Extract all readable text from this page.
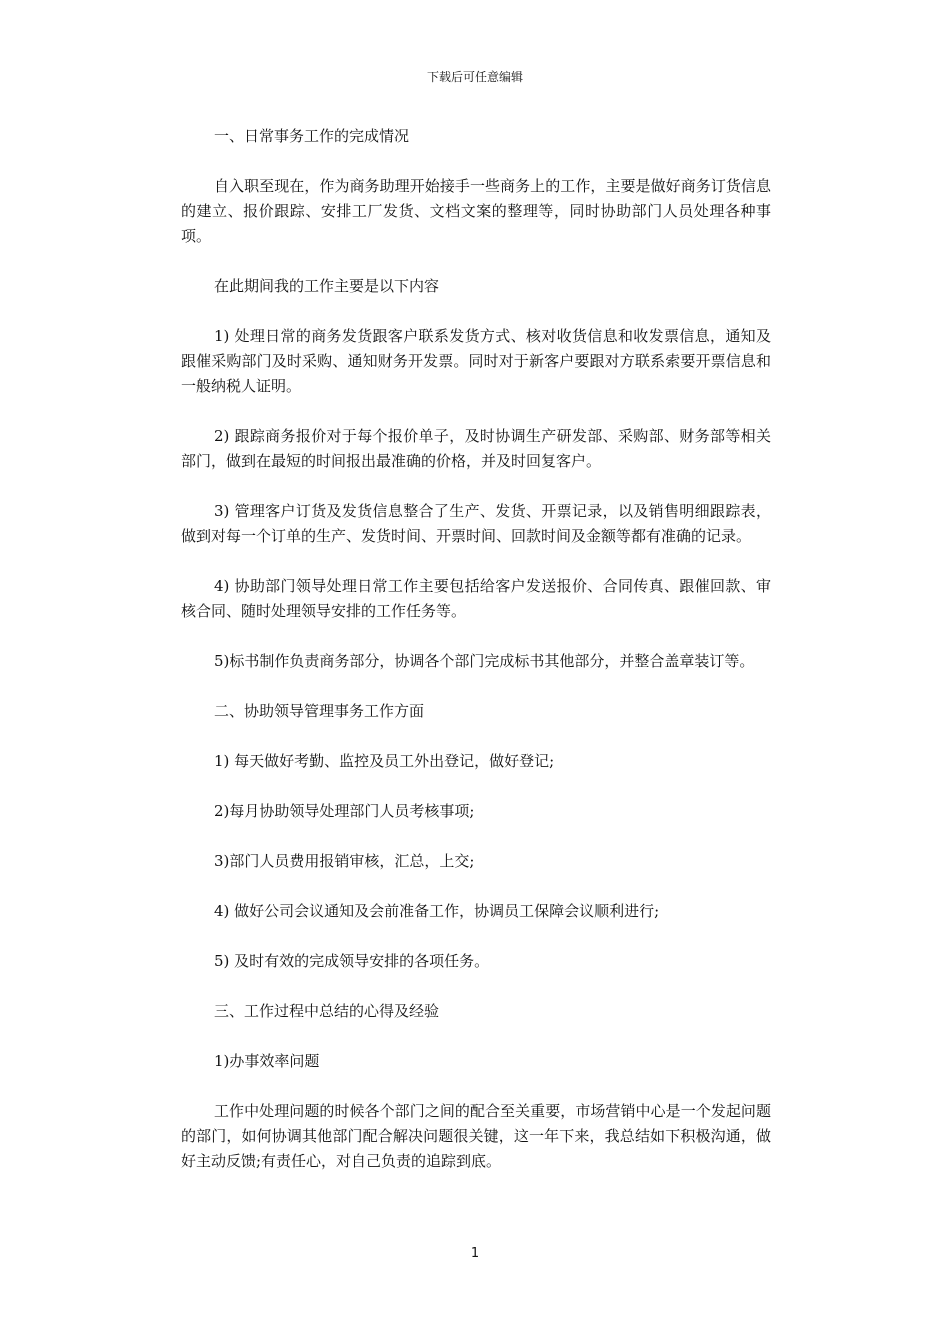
下载后可任意编辑

一、日常事务工作的完成情况

自入职至现在，作为商务助理开始接手一些商务上的工作，主要是做好商务订货信息的建立、报价跟踪、安排工厂发货、文档文案的整理等，同时协助部门人员处理各种事项。

在此期间我的工作主要是以下内容

1) 处理日常的商务发货跟客户联系发货方式、核对收货信息和收发票信息，通知及跟催采购部门及时采购、通知财务开发票。同时对于新客户要跟对方联系索要开票信息和一般纳税人证明。

2) 跟踪商务报价对于每个报价单子，及时协调生产研发部、采购部、财务部等相关部门，做到在最短的时间报出最准确的价格，并及时回复客户。

3) 管理客户订货及发货信息整合了生产、发货、开票记录，以及销售明细跟踪表，做到对每一个订单的生产、发货时间、开票时间、回款时间及金额等都有准确的记录。

4) 协助部门领导处理日常工作主要包括给客户发送报价、合同传真、跟催回款、审核合同、随时处理领导安排的工作任务等。

5)标书制作负责商务部分，协调各个部门完成标书其他部分，并整合盖章装订等。

二、协助领导管理事务工作方面

1) 每天做好考勤、监控及员工外出登记，做好登记;

2)每月协助领导处理部门人员考核事项;

3)部门人员费用报销审核，汇总，上交;

4) 做好公司会议通知及会前准备工作，协调员工保障会议顺利进行;

5) 及时有效的完成领导安排的各项任务。

三、工作过程中总结的心得及经验

1)办事效率问题

工作中处理问题的时候各个部门之间的配合至关重要，市场营销中心是一个发起问题的部门，如何协调其他部门配合解决问题很关键，这一年下来，我总结如下积极沟通，做好主动反馈;有责任心，对自己负责的追踪到底。

1
